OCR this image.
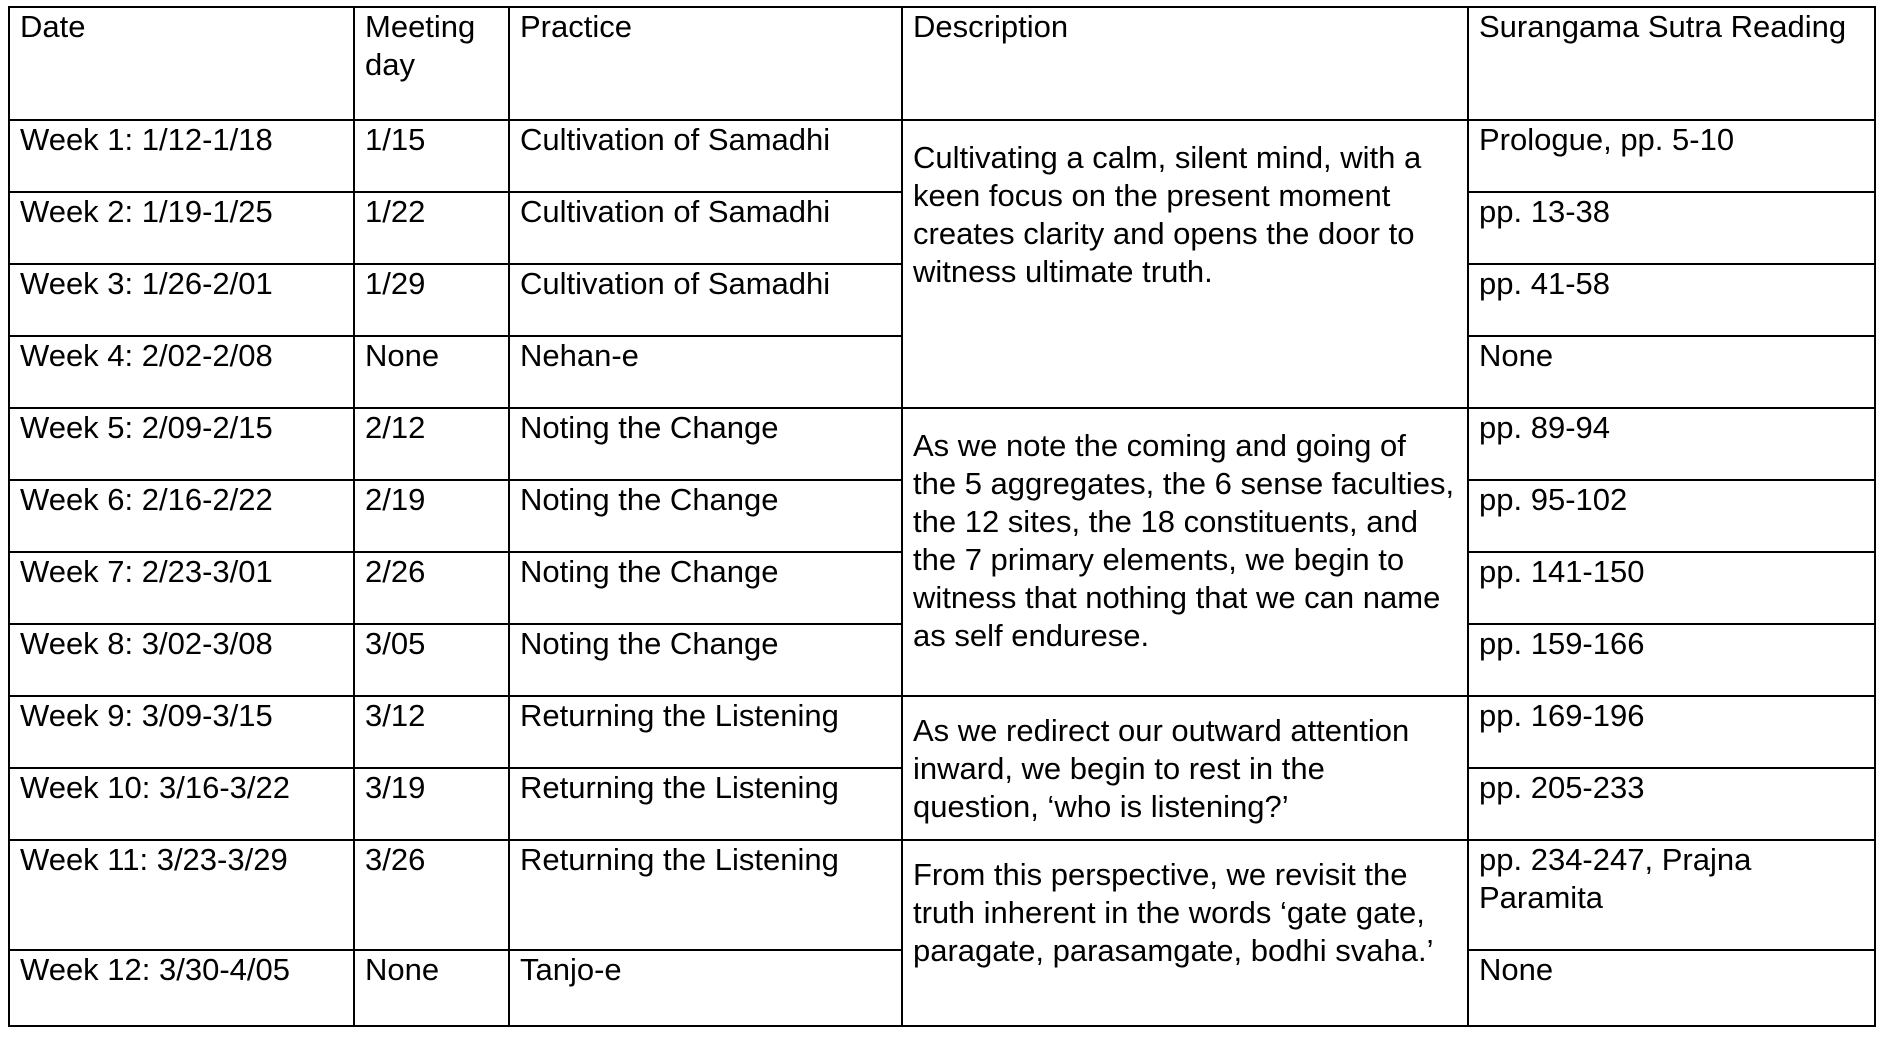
Date	Meeting day	Practice	Description	Surangama Sutra Reading
Week 1: 1/12-1/18	1/15	Cultivation of Samadhi	Cultivating a calm, silent mind, with a keen focus on the present moment creates clarity and opens the door to witness ultimate truth.	Prologue, pp. 5-10
Week 2: 1/19-1/25	1/22	Cultivation of Samadhi		pp. 13-38
Week 3: 1/26-2/01	1/29	Cultivation of Samadhi		pp. 41-58
Week 4: 2/02-2/08	None	Nehan-e		None
Week 5: 2/09-2/15	2/12	Noting the Change	As we note the coming and going of the 5 aggregates, the 6 sense faculties, the 12 sites, the 18 constituents, and the 7 primary elements, we begin to witness that nothing that we can name as self endurese.	pp. 89-94
Week 6: 2/16-2/22	2/19	Noting the Change		pp. 95-102
Week 7: 2/23-3/01	2/26	Noting the Change		pp. 141-150
Week 8: 3/02-3/08	3/05	Noting the Change		pp. 159-166
Week 9: 3/09-3/15	3/12	Returning the Listening	As we redirect our outward attention inward, we begin to rest in the question, ‘who is listening?’	pp. 169-196
Week 10: 3/16-3/22	3/19	Returning the Listening		pp. 205-233
Week 11: 3/23-3/29	3/26	Returning the Listening	From this perspective, we revisit the truth inherent in the words ‘gate gate, paragate, parasamgate, bodhi svaha.’	pp. 234-247, Prajna Paramita
Week 12: 3/30-4/05	None	Tanjo-e		None
